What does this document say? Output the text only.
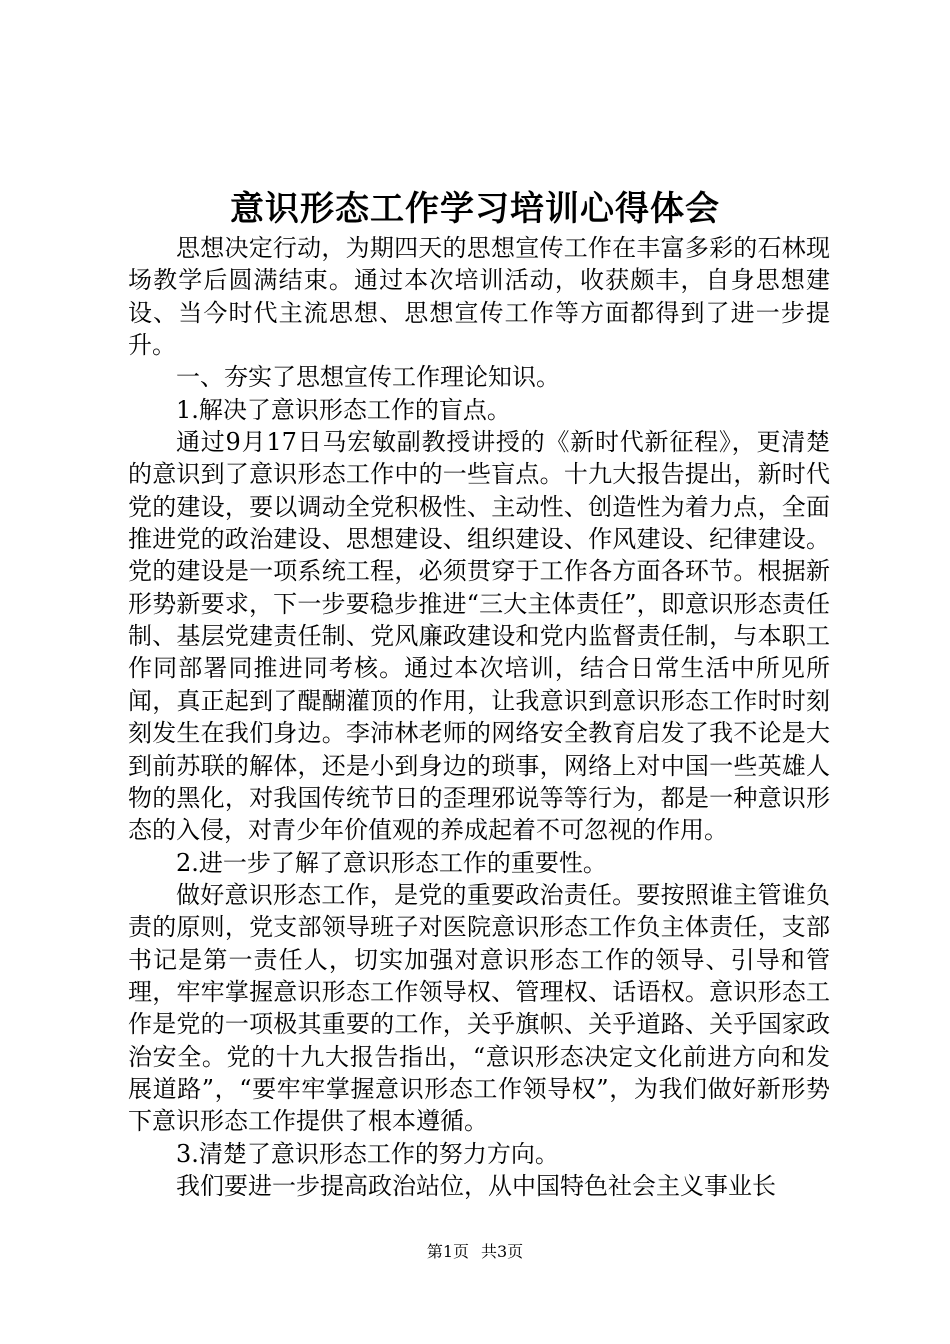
意识形态工作学习培训心得体会

思想决定行动，为期四天的思想宣传工作在丰富多彩的石林现场教学后圆满结束。通过本次培训活动，收获颇丰，自身思想建设、当今时代主流思想、思想宣传工作等方面都得到了进一步提升。

一、夯实了思想宣传工作理论知识。

1.解决了意识形态工作的盲点。

通过9月17日马宏敏副教授讲授的《新时代新征程》，更清楚的意识到了意识形态工作中的一些盲点。十九大报告提出，新时代党的建设，要以调动全党积极性、主动性、创造性为着力点，全面推进党的政治建设、思想建设、组织建设、作风建设、纪律建设。党的建设是一项系统工程，必须贯穿于工作各方面各环节。根据新形势新要求，下一步要稳步推进“三大主体责任”，即意识形态责任制、基层党建责任制、党风廉政建设和党内监督责任制，与本职工作同部署同推进同考核。通过本次培训，结合日常生活中所见所闻，真正起到了醍醐灌顶的作用，让我意识到意识形态工作时时刻刻发生在我们身边。李沛林老师的网络安全教育启发了我不论是大到前苏联的解体，还是小到身边的琐事，网络上对中国一些英雄人物的黑化，对我国传统节日的歪理邪说等等行为，都是一种意识形态的入侵，对青少年价值观的养成起着不可忽视的作用。

2.进一步了解了意识形态工作的重要性。

做好意识形态工作，是党的重要政治责任。要按照谁主管谁负责的原则，党支部领导班子对医院意识形态工作负主体责任，支部书记是第一责任人，切实加强对意识形态工作的领导、引导和管理，牢牢掌握意识形态工作领导权、管理权、话语权。意识形态工作是党的一项极其重要的工作，关乎旗帜、关乎道路、关乎国家政治安全。党的十九大报告指出，“意识形态决定文化前进方向和发展道路”，“要牢牢掌握意识形态工作领导权”，为我们做好新形势下意识形态工作提供了根本遵循。

3.清楚了意识形态工作的努力方向。

我们要进一步提高政治站位，从中国特色社会主义事业长

第1页 共3页
